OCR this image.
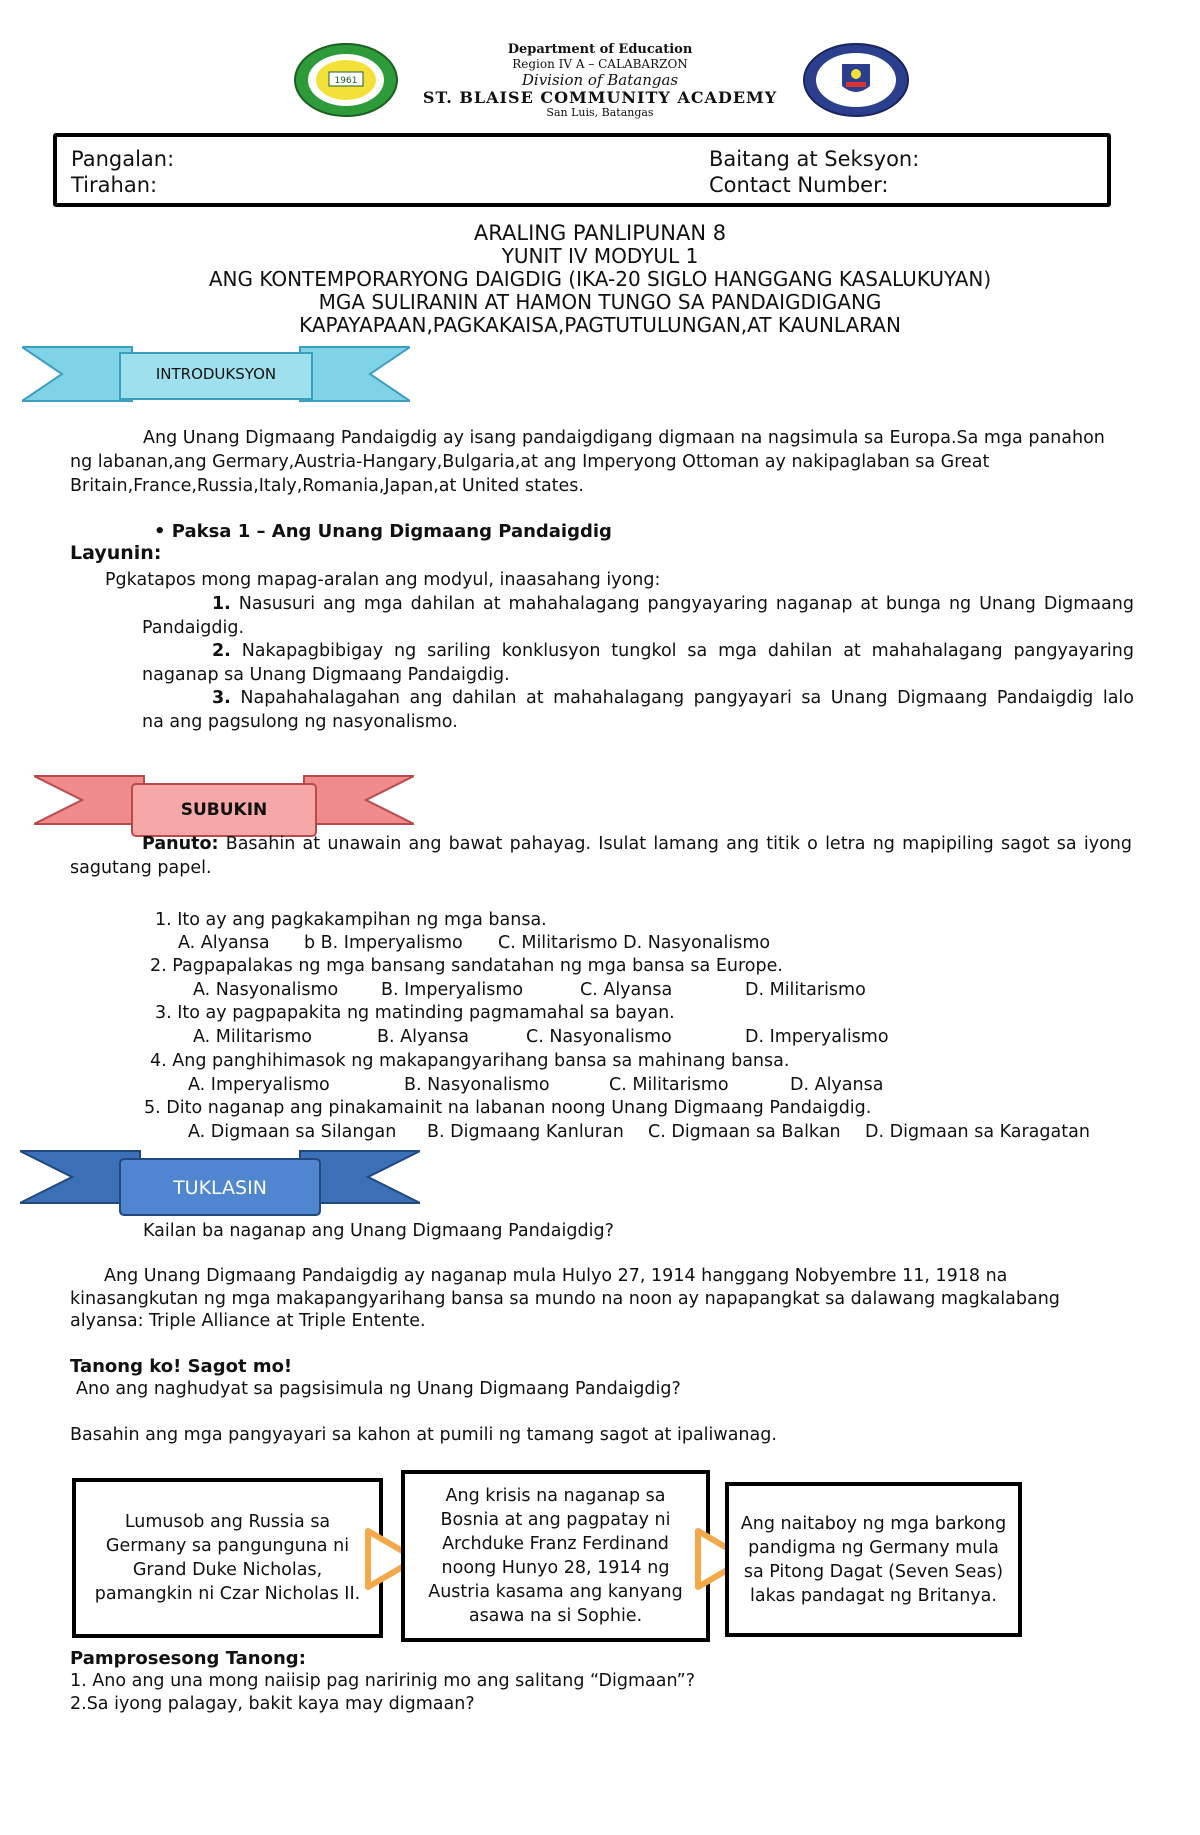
1961
Department of Education
Region IV A – CALABARZON
Division of Batangas
ST. BLAISE COMMUNITY ACADEMY
San Luis, Batangas
Pangalan:
Tirahan:
Baitang at Seksyon:
Contact Number:
ARALING PANLIPUNAN 8
YUNIT IV MODYUL 1
ANG KONTEMPORARYONG DAIGDIG (IKA-20 SIGLO HANGGANG KASALUKUYAN)
MGA SULIRANIN AT HAMON TUNGO SA PANDAIGDIGANG
KAPAYAPAAN,PAGKAKAISA,PAGTUTULUNGAN,AT KAUNLARAN
INTRODUKSYON

Ang Unang Digmaang Pandaigdig ay isang pandaigdigang digmaan na nagsimula sa Europa.Sa mga panahon

ng labanan,ang Germary,Austria-Hangary,Bulgaria,at ang Imperyong Ottoman ay nakipaglaban sa Great

Britain,France,Russia,Italy,Romania,Japan,at United states.

• Paksa 1 – Ang Unang Digmaang Pandaigdig
Layunin:
Pgkatapos mong mapag-aralan ang modyul, inaasahang iyong:

1. Nasusuri ang mga dahilan at mahahalagang pangyayaring naganap at bunga ng Unang Digmaang

Pandaigdig.

2. Nakapagbibigay ng sariling konklusyon tungkol sa mga dahilan at mahahalagang pangyayaring

naganap sa Unang Digmaang Pandaigdig.

3. Napahahalagahan ang dahilan at mahahalagang pangyayari sa Unang Digmaang Pandaigdig lalo

na ang pagsulong ng nasyonalismo.

SUBUKIN

Panuto: Basahin at unawain ang bawat pahayag. Isulat lamang ang titik o letra ng mapipiling sagot sa iyong

sagutang papel.

1. Ito ay ang pagkakampihan ng mga bansa.
A. Alyansa b B. Imperyalismo C. Militarismo D. Nasyonalismo
2. Pagpapalakas ng mga bansang sandatahan ng mga bansa sa Europe.
A. Nasyonalismo B. Imperyalismo	C. Alyansa	D. Militarismo
3. Ito ay pagpapakita ng matinding pagmamahal sa bayan.
A. Militarismo	B. Alyansa	C. Nasyonalismo	D. Imperyalismo
4. Ang panghihimasok ng makapangyarihang bansa sa mahinang bansa.
A. Imperyalismo	B. Nasyonalismo	C. Militarismo	D. Alyansa
5. Dito naganap ang pinakamainit na labanan noong Unang Digmaang Pandaigdig.
A. Digmaan sa Silangan B. Digmaang Kanluran C. Digmaan sa Balkan D. Digmaan sa Karagatan
TUKLASIN
Kailan ba naganap ang Unang Digmaang Pandaigdig?

Ang Unang Digmaang Pandaigdig ay naganap mula Hulyo 27, 1914 hanggang Nobyembre 11, 1918 na

kinasangkutan ng mga makapangyarihang bansa sa mundo na noon ay napapangkat sa dalawang magkalabang

alyansa: Triple Alliance at Triple Entente.

Tanong ko! Sagot mo!
Ano ang naghudyat sa pagsisimula ng Unang Digmaang Pandaigdig?
Basahin ang mga pangyayari sa kahon at pumili ng tamang sagot at ipaliwanag.
Lumusob ang Russia sa
Germany sa pangunguna ni
Grand Duke Nicholas,
pamangkin ni Czar Nicholas II.
Ang krisis na naganap sa
Bosnia at ang pagpatay ni
Archduke Franz Ferdinand
noong Hunyo 28, 1914 ng
Austria kasama ang kanyang
asawa na si Sophie.
Ang naitaboy ng mga barkong
pandigma ng Germany mula
sa Pitong Dagat (Seven Seas)
lakas pandagat ng Britanya.
Pamprosesong Tanong:
1. Ano ang una mong naiisip pag naririnig mo ang salitang “Digmaan”?
2.Sa iyong palagay, bakit kaya may digmaan?
